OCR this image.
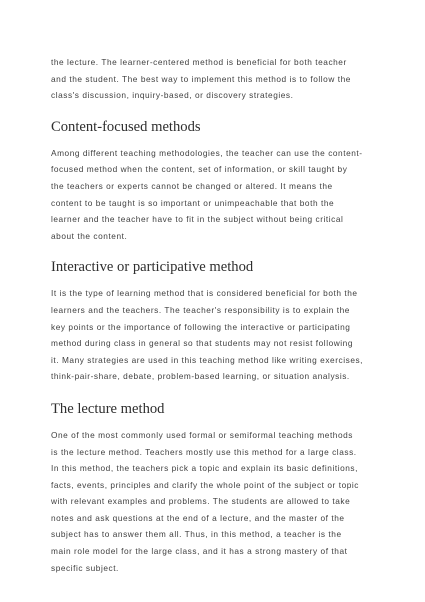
the lecture. The learner-centered method is beneficial for both teacher
and the student. The best way to implement this method is to follow the
class's discussion, inquiry-based, or discovery strategies.

Content-focused methods

Among different teaching methodologies, the teacher can use the content-
focused method when the content, set of information, or skill taught by
the teachers or experts cannot be changed or altered. It means the
content to be taught is so important or unimpeachable that both the
learner and the teacher have to fit in the subject without being critical
about the content.

Interactive or participative method

It is the type of learning method that is considered beneficial for both the
learners and the teachers. The teacher's responsibility is to explain the
key points or the importance of following the interactive or participating
method during class in general so that students may not resist following
it. Many strategies are used in this teaching method like writing exercises,
think-pair-share, debate, problem-based learning, or situation analysis.

The lecture method

One of the most commonly used formal or semiformal teaching methods
is the lecture method. Teachers mostly use this method for a large class.
In this method, the teachers pick a topic and explain its basic definitions,
facts, events, principles and clarify the whole point of the subject or topic
with relevant examples and problems. The students are allowed to take
notes and ask questions at the end of a lecture, and the master of the
subject has to answer them all. Thus, in this method, a teacher is the
main role model for the large class, and it has a strong mastery of that
specific subject.
